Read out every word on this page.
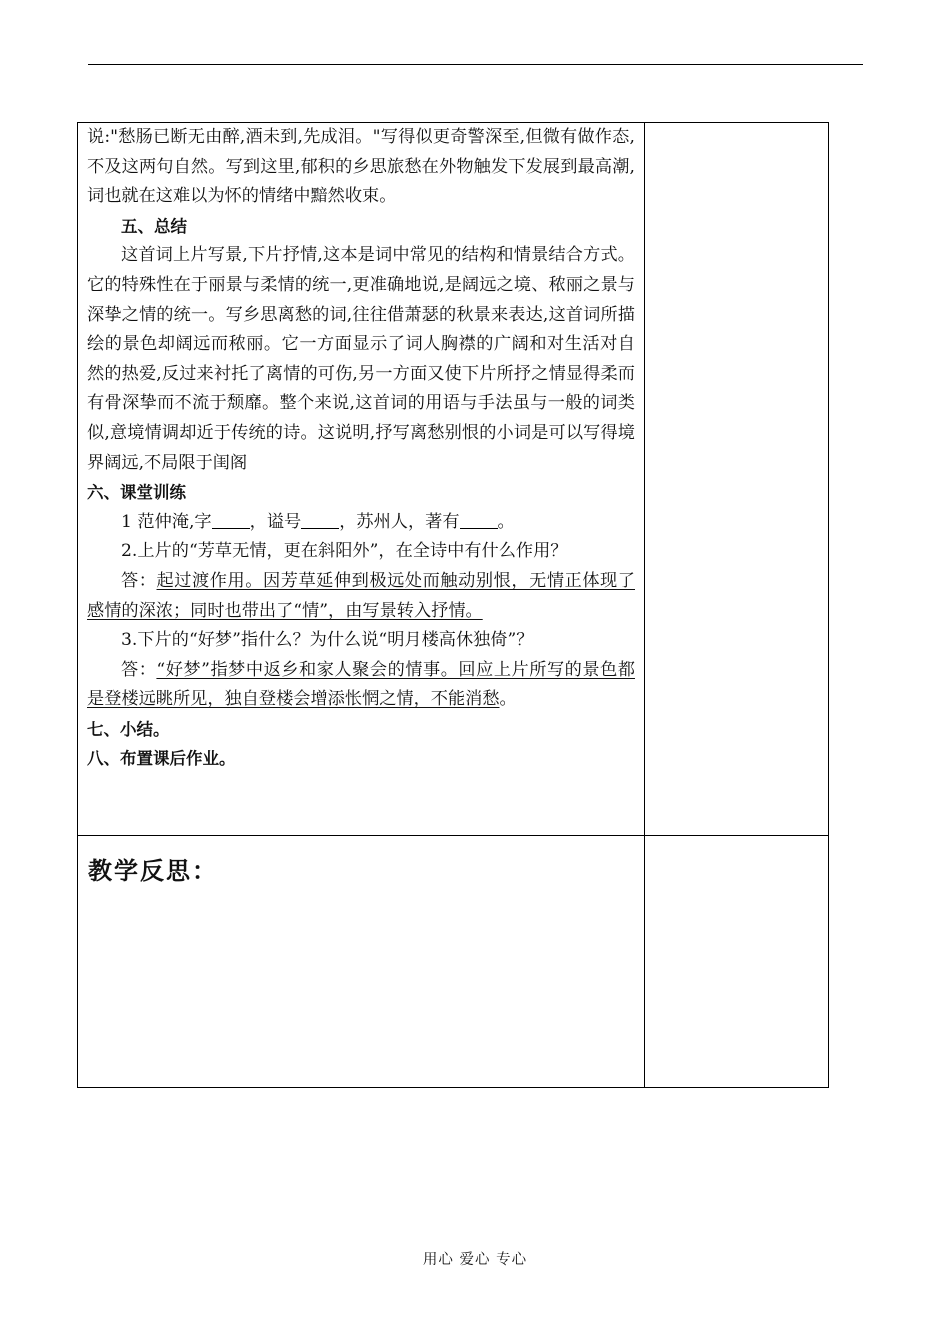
说:"愁肠已断无由醉,酒未到,先成泪。"写得似更奇警深至,但微有做作态,不及这两句自然。写到这里,郁积的乡思旅愁在外物触发下发展到最高潮,词也就在这难以为怀的情绪中黯然收束。

五、总结

这首词上片写景,下片抒情,这本是词中常见的结构和情景结合方式。它的特殊性在于丽景与柔情的统一,更准确地说,是阔远之境、秾丽之景与深挚之情的统一。写乡思离愁的词,往往借萧瑟的秋景来表达,这首词所描绘的景色却阔远而秾丽。它一方面显示了词人胸襟的广阔和对生活对自然的热爱,反过来衬托了离情的可伤,另一方面又使下片所抒之情显得柔而有骨深挚而不流于颓靡。整个来说,这首词的用语与手法虽与一般的词类似,意境情调却近于传统的诗。这说明,抒写离愁别恨的小词是可以写得境界阔远,不局限于闺阁

六、课堂训练

1 范仲淹,字 ，谥号 ，苏州人，著有 。

2.上片的“芳草无情，更在斜阳外”，在全诗中有什么作用？

答：起过渡作用。因芳草延伸到极远处而触动别恨，无情正体现了感情的深浓；同时也带出了“情”，由写景转入抒情。

3.下片的“好梦”指什么？为什么说“明月楼高休独倚”？

答：“好梦”指梦中返乡和家人聚会的情事。回应上片所写的景色都是登楼远眺所见，独自登楼会增添怅惘之情，不能消愁。

七、小结。

八、布置课后作业。

教学反思：
用心 爱心 专心
